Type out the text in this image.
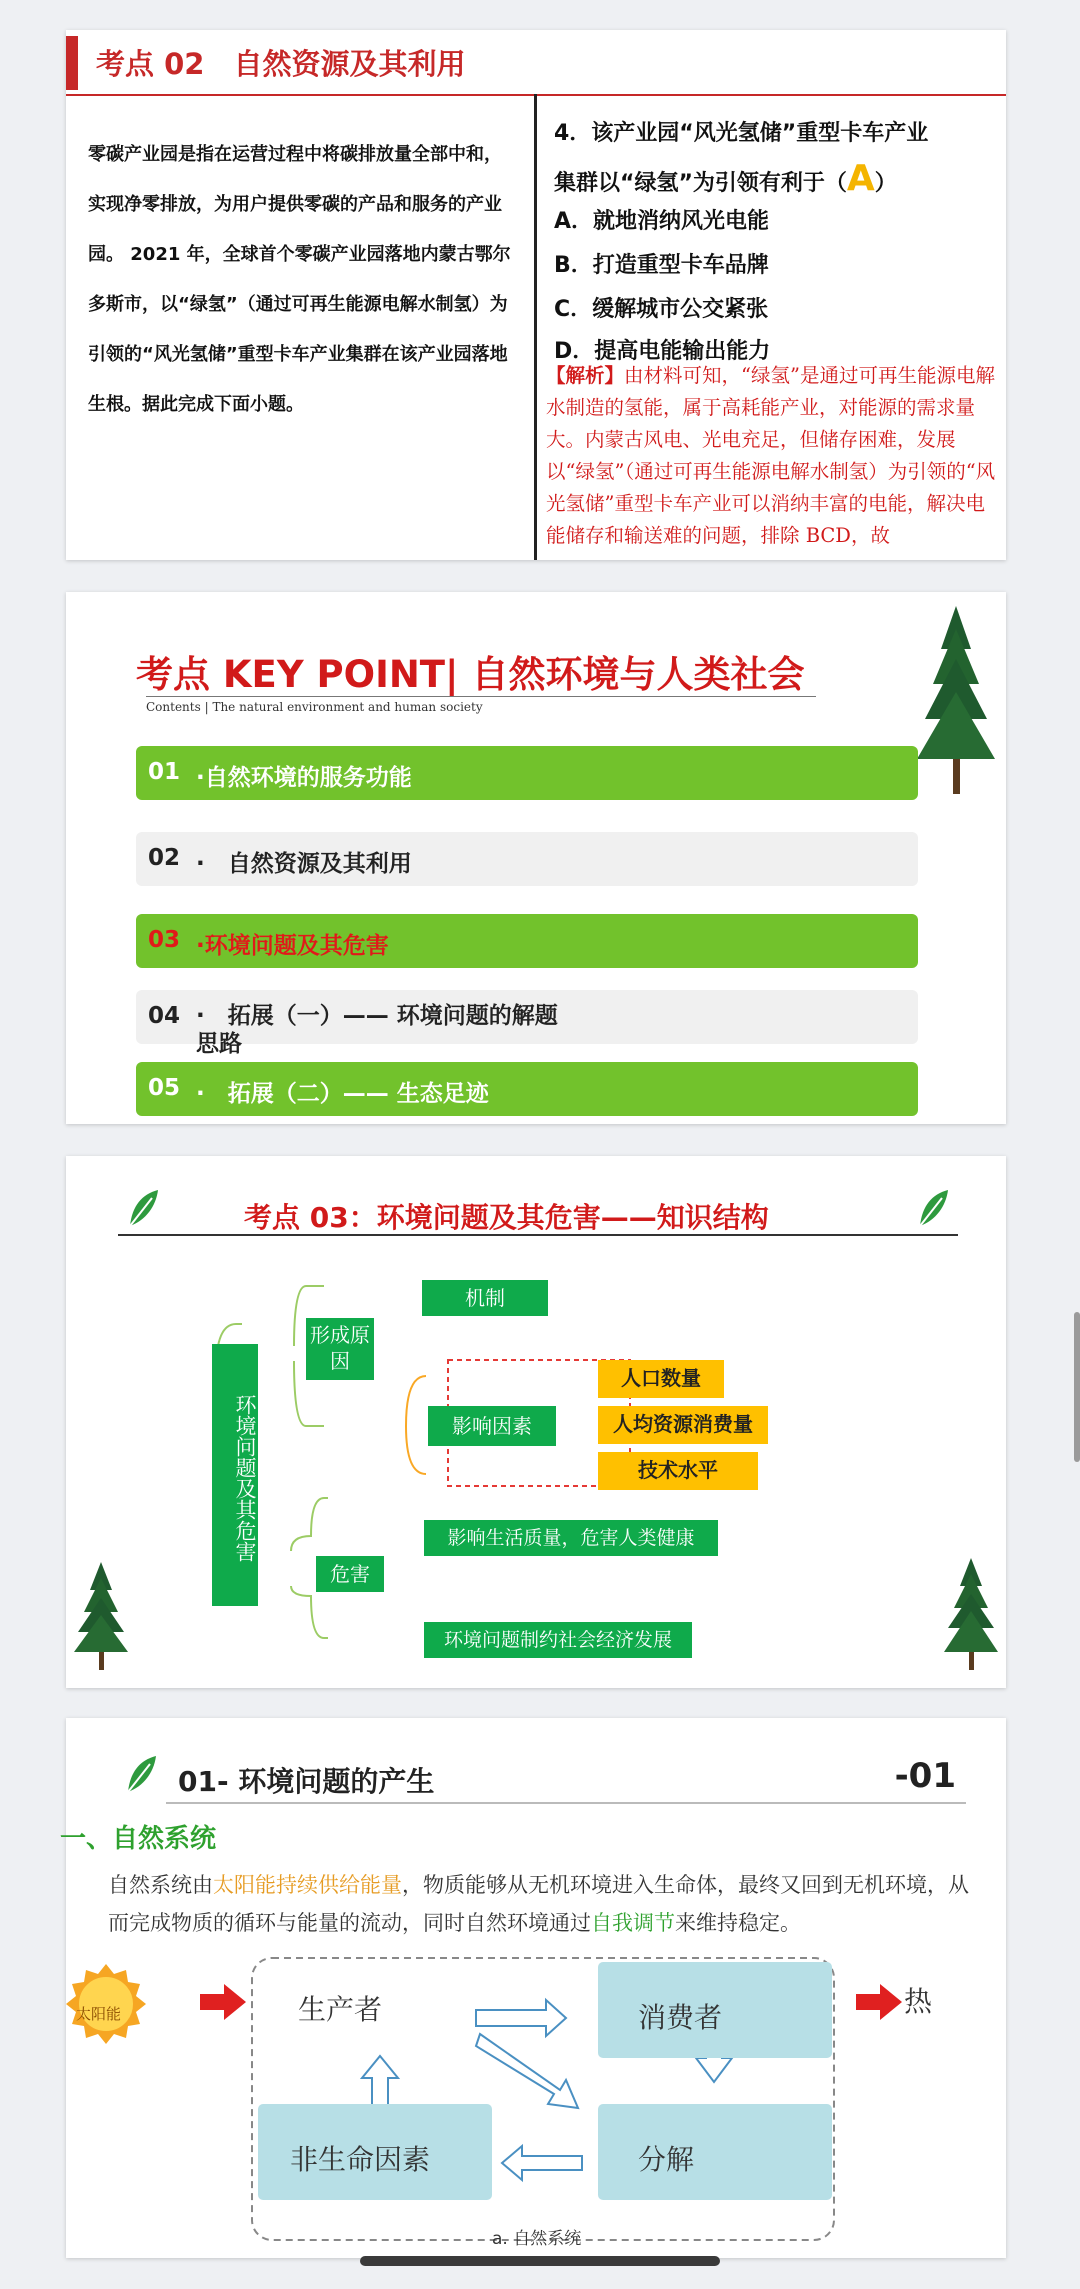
考点 02　自然资源及其利用
零碳产业园是指在运营过程中将碳排放量全部中和，实现净零排放，为用户提供零碳的产品和服务的产业园。 2021 年，全球首个零碳产业园落地内蒙古鄂尔多斯市，以“绿氢”（通过可再生能源电解水制氢）为引领的“风光氢储”重型卡车产业集群在该产业园落地生根。据此完成下面小题。
4．该产业园“风光氢储”重型卡车产业
集群以“绿氢”为引领有利于（A）
A．就地消纳风光电能
B．打造重型卡车品牌
C．缓解城市公交紧张
D．提高电能输出能力
【解析】由材料可知，“绿氢”是通过可再生能源电解水制造的氢能，属于高耗能产业，对能源的需求量大。内蒙古风电、光电充足，但储存困难，发展以“绿氢”（通过可再生能源电解水制氢）为引领的“风光氢储”重型卡车产业可以消纳丰富的电能，解决电能储存和输送难的问题，排除 BCD，故
考点 KEY POINT| 自然环境与人类社会
Contents | The natural environment and human society
01 ·自然环境的服务功能
02 ·　自然资源及其利用
03 ·环境问题及其危害
04 ·　拓展（一）—— 环境问题的解题思路
05 ·　拓展（二）—— 生态足迹
考点 03：环境问题及其危害——知识结构
环境问题及其危害
形成原因
机制
影响因素
人口数量
人均资源消费量
技术水平
危害
影响生活质量，危害人类健康
环境问题制约社会经济发展
01- 环境问题的产生	-01
一、自然系统
自然系统由太阳能持续供给能量，物质能够从无机环境进入生命体，最终又回到无机环境，从而完成物质的循环与能量的流动，同时自然环境通过自我调节来维持稳定。
太阳能	生产者	消费者
非生命因素	分解
热
a. 自然系统
